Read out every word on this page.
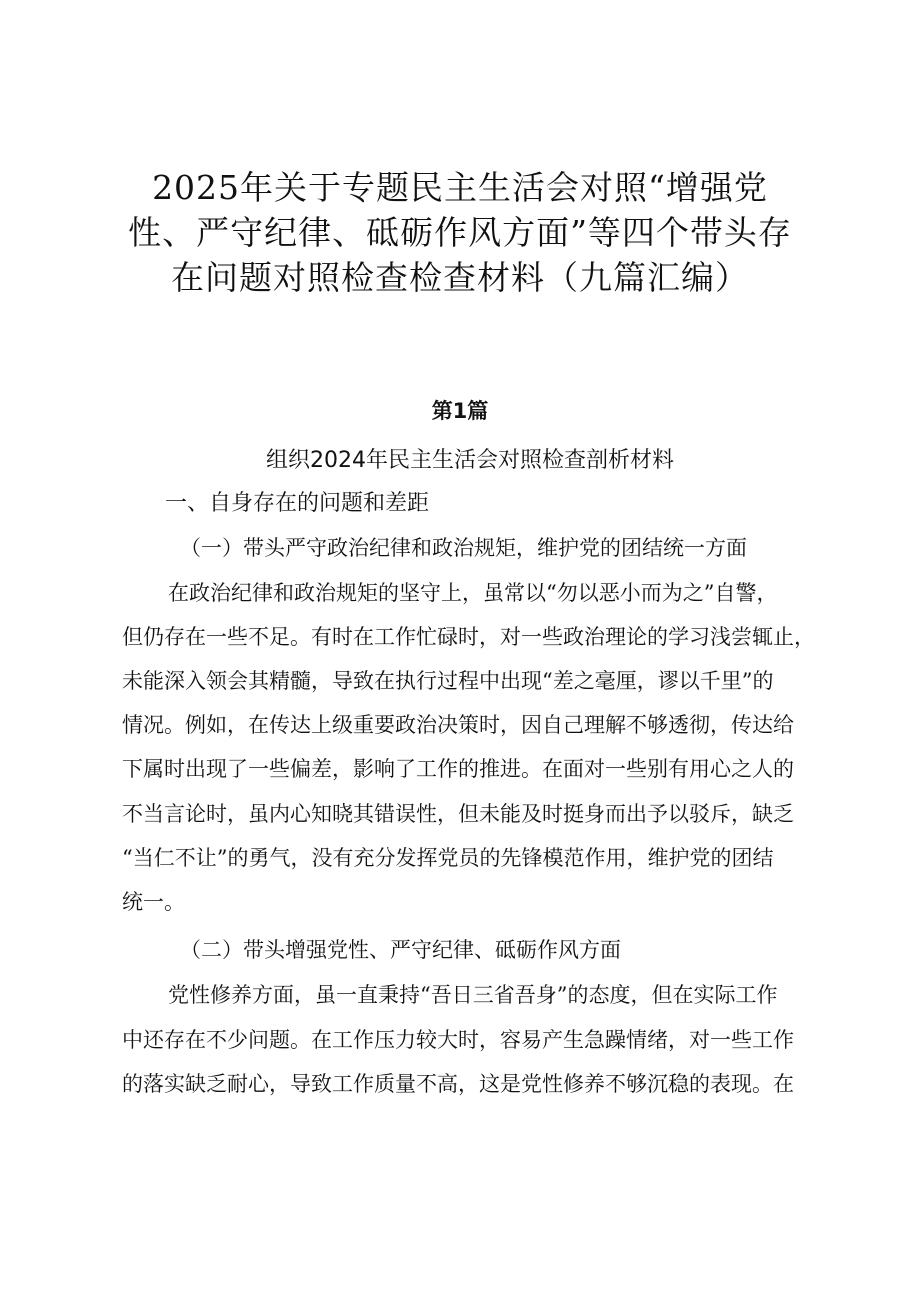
2025年关于专题民主生活会对照“增强党
性、严守纪律、砥砺作风方面”等四个带头存
在问题对照检查检查材料（九篇汇编）
第1篇
组织2024年民主生活会对照检查剖析材料
一、自身存在的问题和差距
（一）带头严守政治纪律和政治规矩，维护党的团结统一方面
在政治纪律和政治规矩的坚守上，虽常以“勿以恶小而为之”自警，
但仍存在一些不足。有时在工作忙碌时，对一些政治理论的学习浅尝辄止，
未能深入领会其精髓，导致在执行过程中出现“差之毫厘，谬以千里”的
情况。例如，在传达上级重要政治决策时，因自己理解不够透彻，传达给
下属时出现了一些偏差，影响了工作的推进。在面对一些别有用心之人的
不当言论时，虽内心知晓其错误性，但未能及时挺身而出予以驳斥，缺乏
“当仁不让”的勇气，没有充分发挥党员的先锋模范作用，维护党的团结
统一。
（二）带头增强党性、严守纪律、砥砺作风方面
党性修养方面，虽一直秉持“吾日三省吾身”的态度，但在实际工作
中还存在不少问题。在工作压力较大时，容易产生急躁情绪，对一些工作
的落实缺乏耐心，导致工作质量不高，这是党性修养不够沉稳的表现。在
